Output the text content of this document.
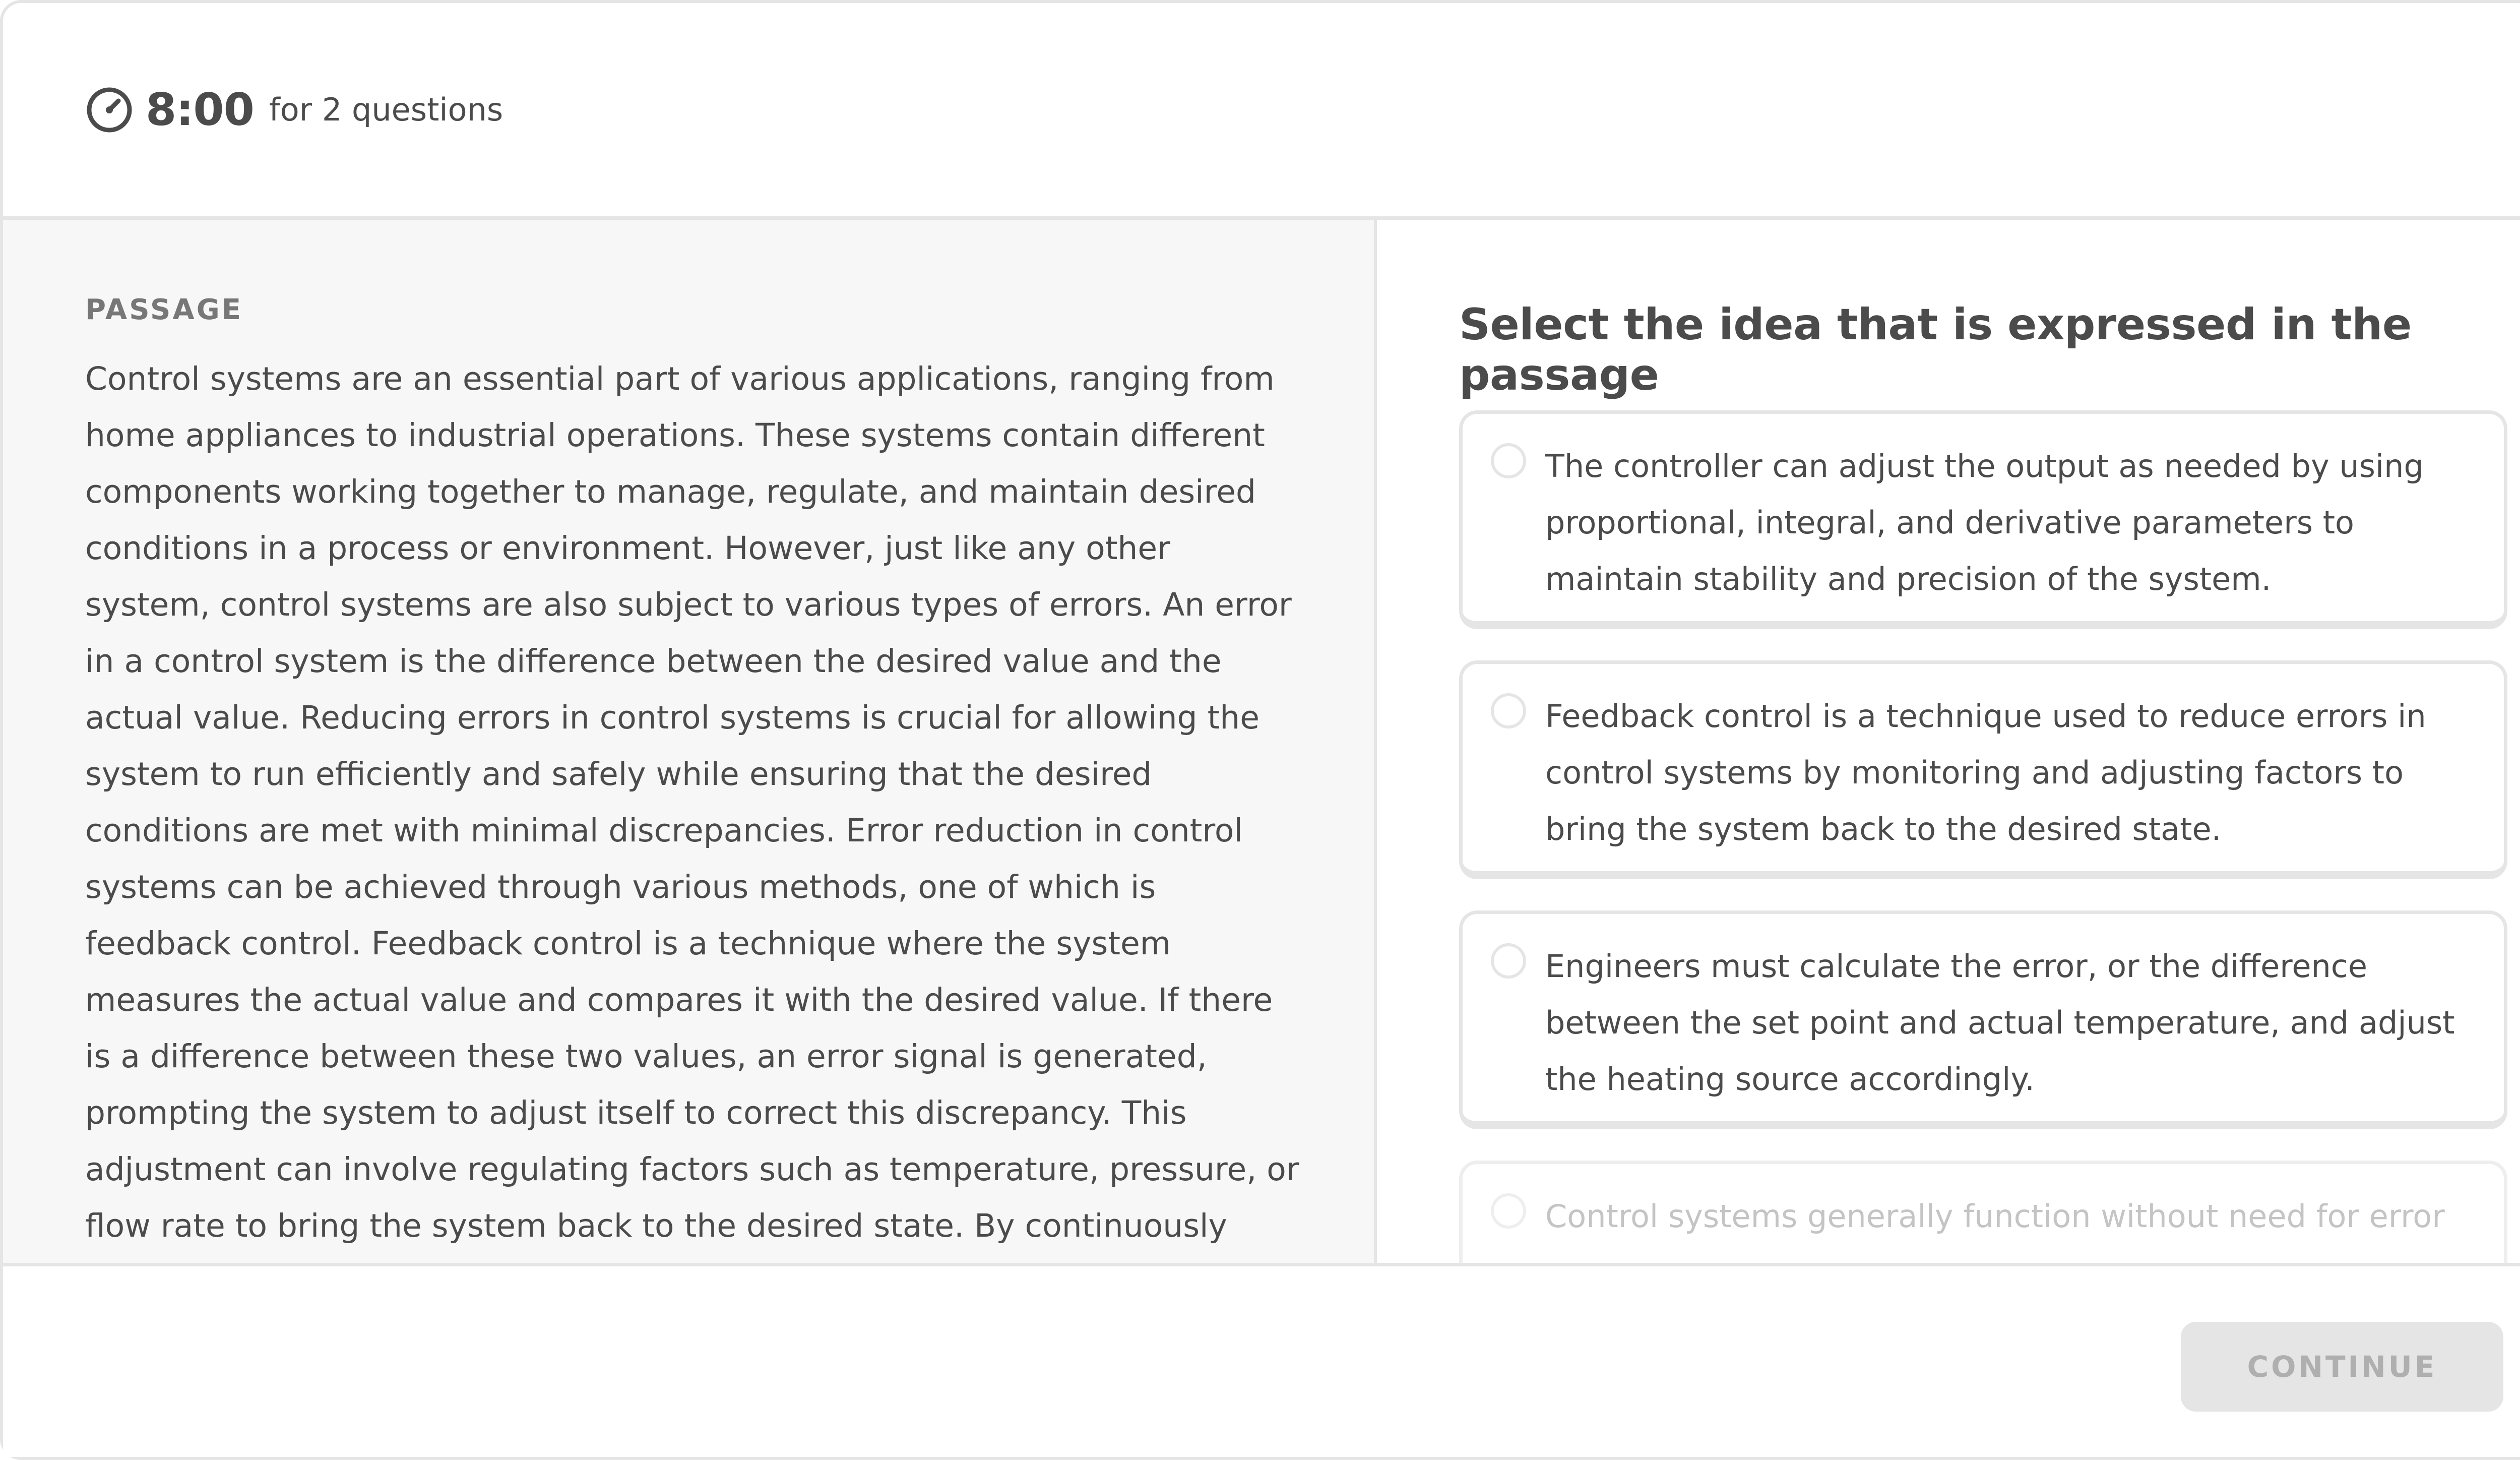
8:00 for 2 questions
PASSAGE

Control systems are an essential part of various applications, ranging from home appliances to industrial operations. These systems contain different components working together to manage, regulate, and maintain desired conditions in a process or environment. However, just like any other system, control systems are also subject to various types of errors. An error in a control system is the difference between the desired value and the actual value. Reducing errors in control systems is crucial for allowing the system to run efficiently and safely while ensuring that the desired conditions are met with minimal discrepancies. Error reduction in control systems can be achieved through various methods, one of which is feedback control. Feedback control is a technique where the system measures the actual value and compares it with the desired value. If there is a difference between these two values, an error signal is generated, prompting the system to adjust itself to correct this discrepancy. This adjustment can involve regulating factors such as temperature, pressure, or flow rate to bring the system back to the desired state. By continuously

Select the idea that is expressed in the passage
The controller can adjust the output as needed by using proportional, integral, and derivative parameters to maintain stability and precision of the system.
Feedback control is a technique used to reduce errors in control systems by monitoring and adjusting factors to bring the system back to the desired state.
Engineers must calculate the error, or the difference between the set point and actual temperature, and adjust the heating source accordingly.
Control systems generally function without need for error
CONTINUE
